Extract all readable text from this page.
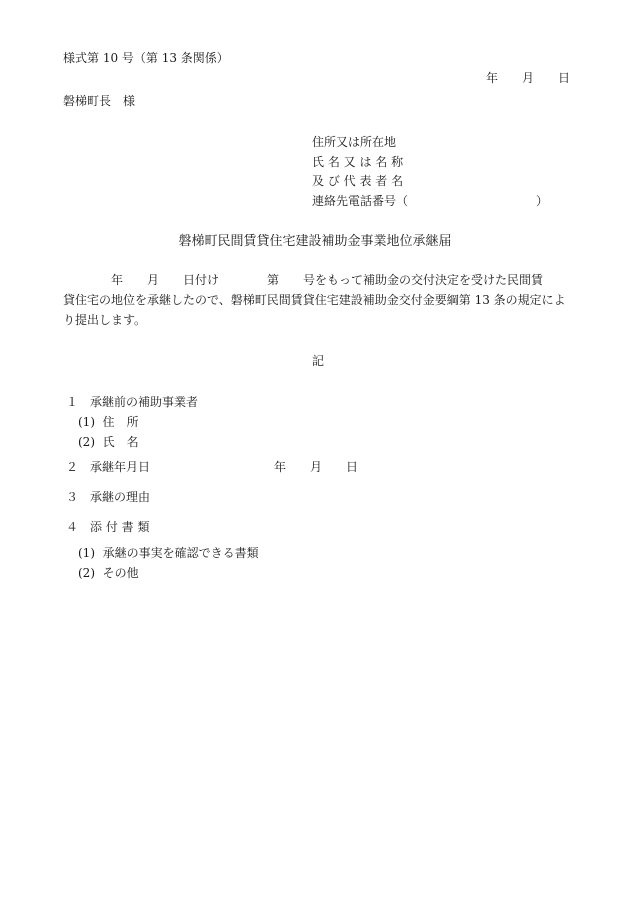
様式第 10 号（第 13 条関係）
年　　月　　日
磐梯町長　様
住所又は所在地
氏 名 又 は 名 称
及 び 代 表 者 名
連絡先電話番号（	）
磐梯町民間賃貸住宅建設補助金事業地位承継届
　　　　年　　月　　日付け　　　　第　　号をもって補助金の交付決定を受けた民間賃
貸住宅の地位を承継したので、磐梯町民間賃貸住宅建設補助金交付金要綱第 13 条の規定によ
り提出します。
記
１　承継前の補助事業者
(1)  住　所
(2)  氏　名
２　承継年月日	年　　月　　日
３　承継の理由
４　添 付 書 類
(1)  承継の事実を確認できる書類
(2)  その他
